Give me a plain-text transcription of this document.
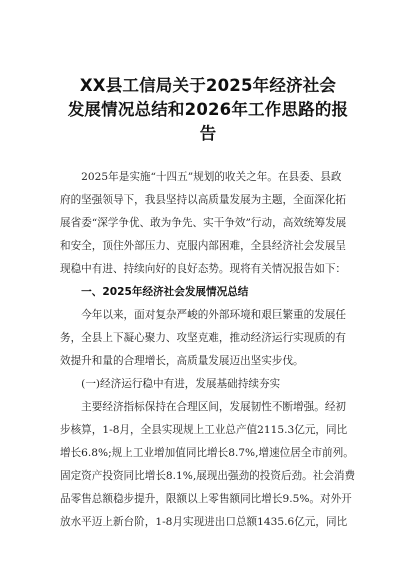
XX县工信局关于2025年经济社会
发展情况总结和2026年工作思路的报
告
　　2025年是实施“十四五”规划的收关之年。在县委、县政
府的坚强领导下，我县坚持以高质量发展为主题，全面深化拓
展省委“深学争优、敢为争先、实干争效”行动，高效统筹发展
和安全，顶住外部压力、克服内部困难，全县经济社会发展呈
现稳中有进、持续向好的良好态势。现将有关情况报告如下：
　　一、2025年经济社会发展情况总结
　　今年以来，面对复杂严峻的外部环境和艰巨繁重的发展任
务，全县上下凝心聚力、攻坚克难，推动经济运行实现质的有
效提升和量的合理增长，高质量发展迈出坚实步伐。
　　(一)经济运行稳中有进，发展基础持续夯实
　　主要经济指标保持在合理区间，发展韧性不断增强。经初
步核算，1-8月，全县实现规上工业总产值2115.3亿元，同比
增长6.8%;规上工业增加值同比增长8.7%,增速位居全市前列。
固定资产投资同比增长8.1%,展现出强劲的投资后劲。社会消费
品零售总额稳步提升，限额以上零售额同比增长9.5%。对外开
放水平迈上新台阶，1-8月实现进出口总额1435.6亿元，同比
